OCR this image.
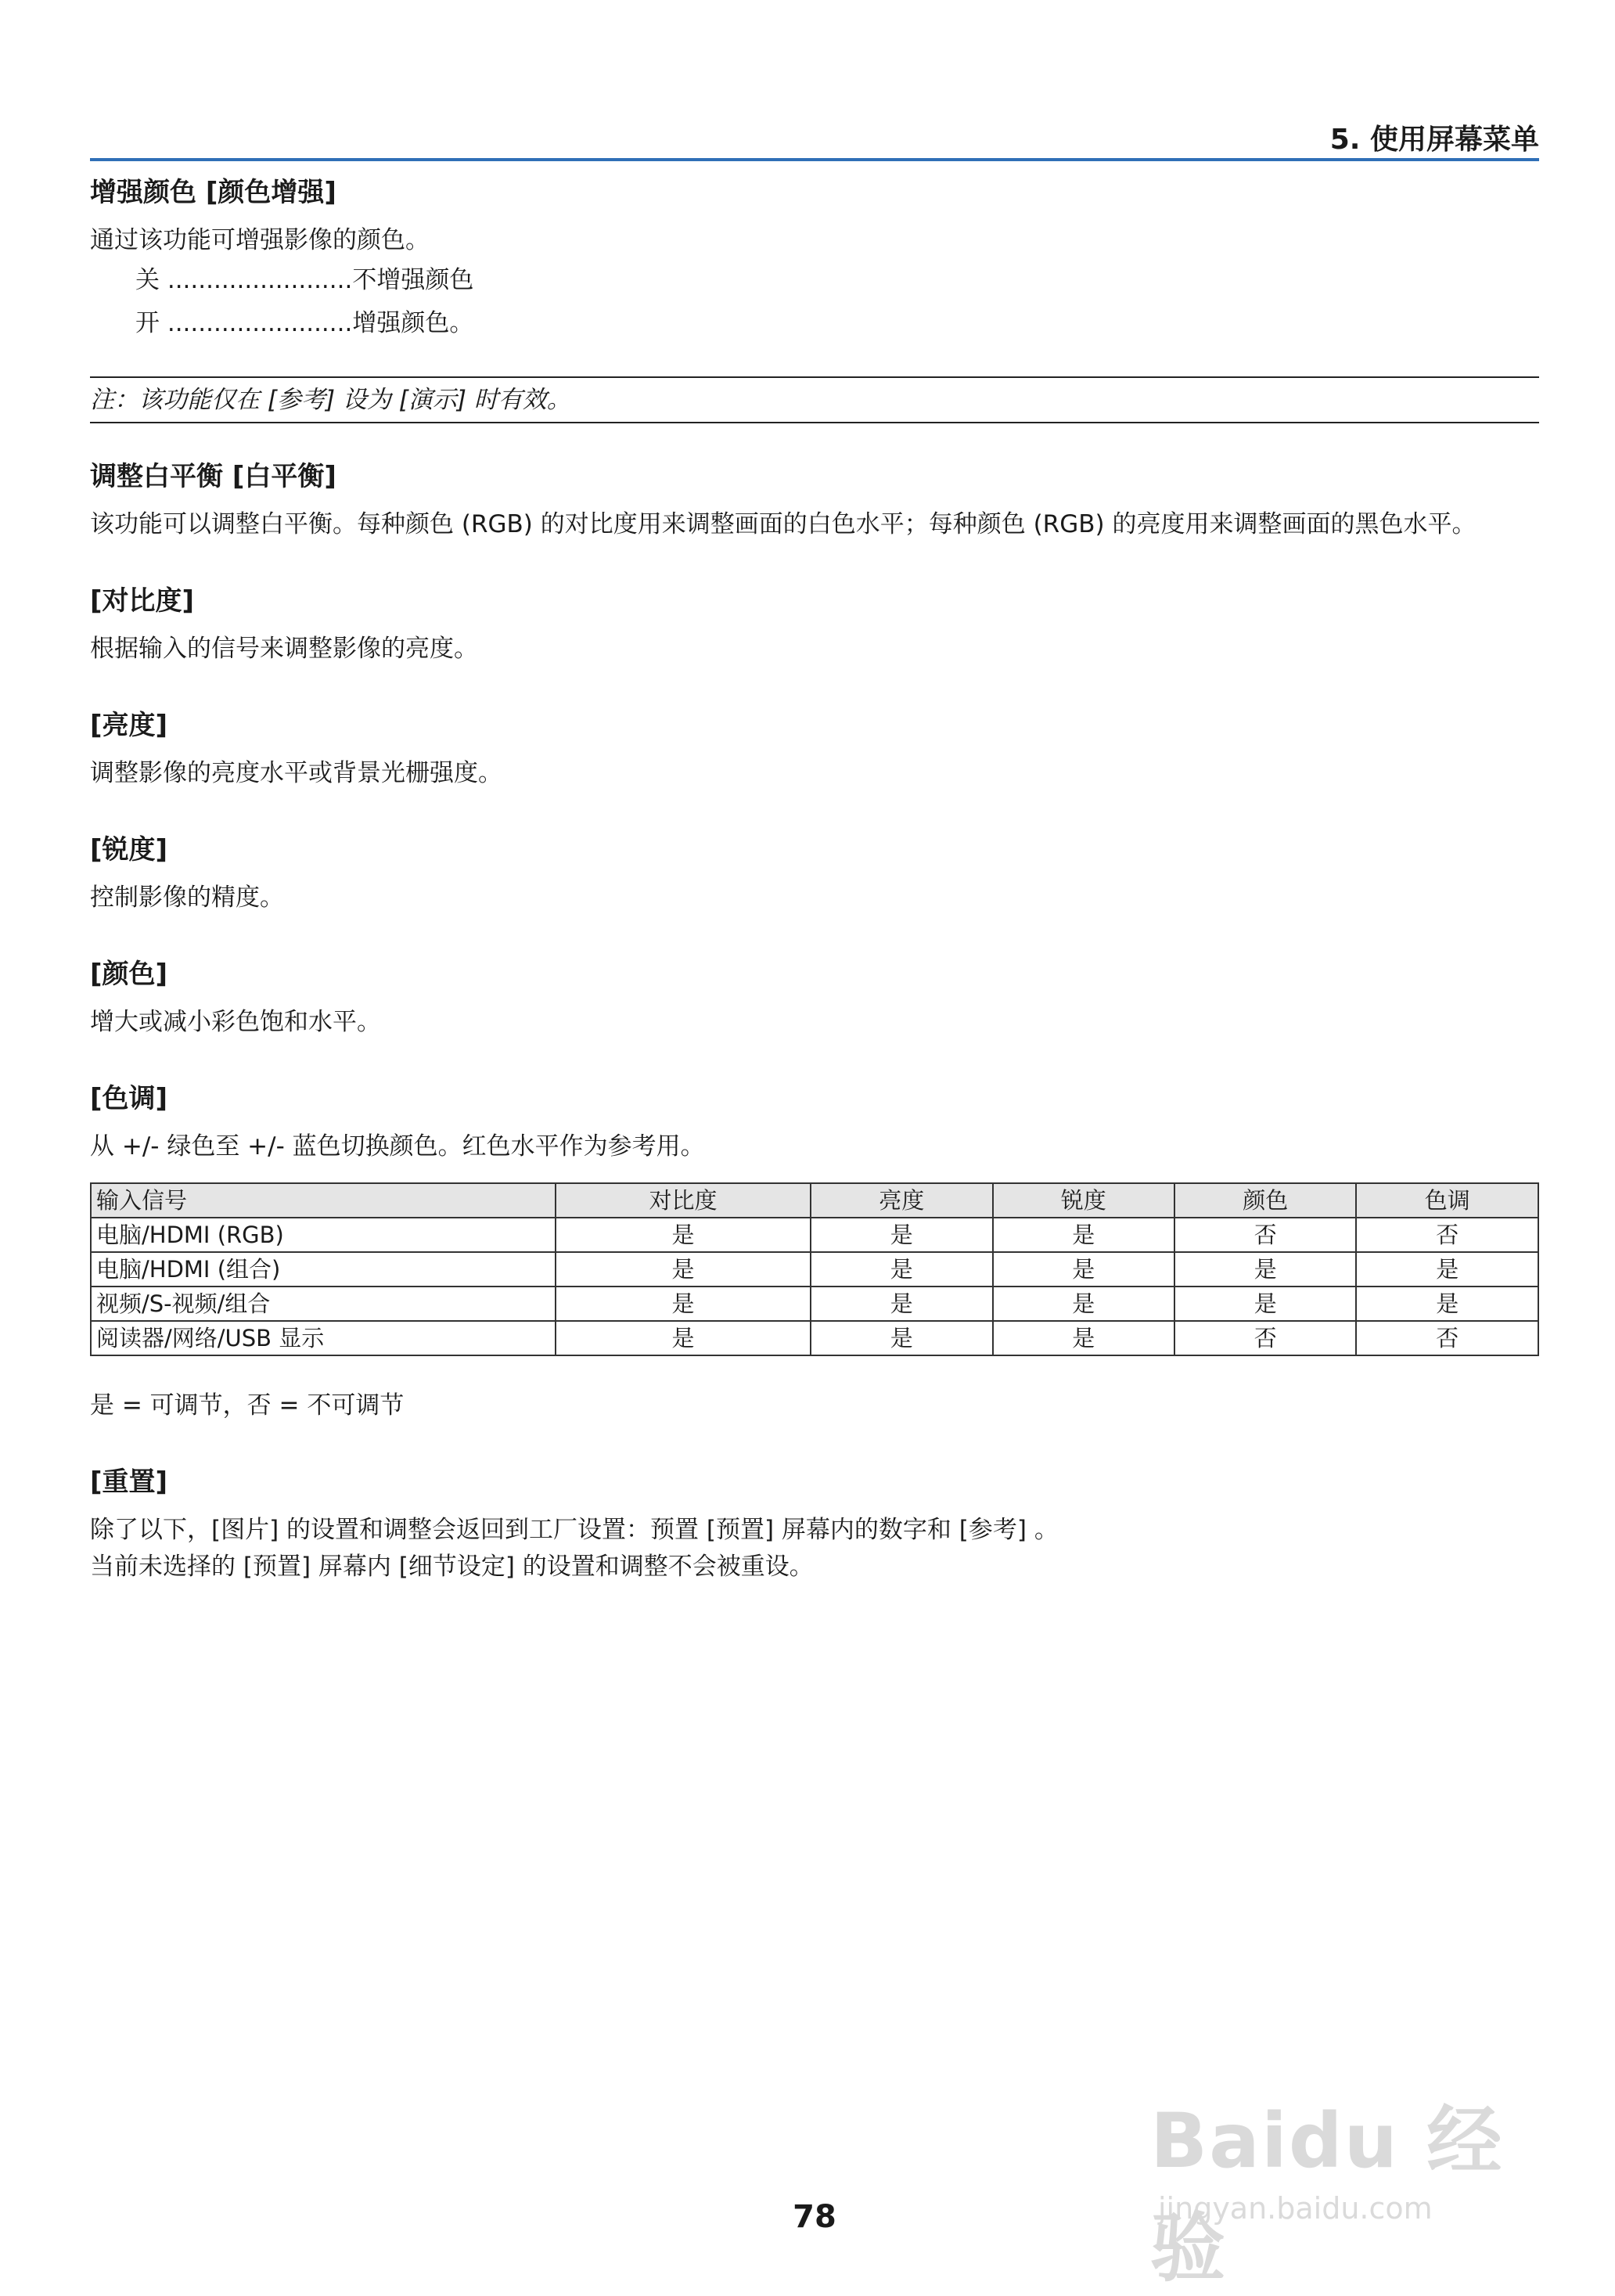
5. 使用屏幕菜单
增强颜色 [颜色增强]

通过该功能可增强影像的颜色。

关 ........................不增强颜色
开 ........................增强颜色。
注：该功能仅在 [参考] 设为 [演示] 时有效。
调整白平衡 [白平衡]

该功能可以调整白平衡。每种颜色 (RGB) 的对比度用来调整画面的白色水平；每种颜色 (RGB) 的亮度用来调整画面的黑色水平。

[对比度]

根据输入的信号来调整影像的亮度。

[亮度]

调整影像的亮度水平或背景光栅强度。

[锐度]

控制影像的精度。

[颜色]

增大或减小彩色饱和水平。

[色调]

从 +/- 绿色至 +/- 蓝色切换颜色。红色水平作为参考用。

输入信号	对比度	亮度	锐度	颜色	色调
电脑/HDMI (RGB)	是	是	是	否	否
电脑/HDMI (组合)	是	是	是	是	是
视频/S-视频/组合	是	是	是	是	是
阅读器/网络/USB 显示	是	是	是	否	否
是 = 可调节，否 = 不可调节
[重置]

除了以下，[图片] 的设置和调整会返回到工厂设置：预置 [预置] 屏幕内的数字和 [参考] 。

当前未选择的 [预置] 屏幕内 [细节设定] 的设置和调整不会被重设。

78
Baidu 经验
jingyan.baidu.com
